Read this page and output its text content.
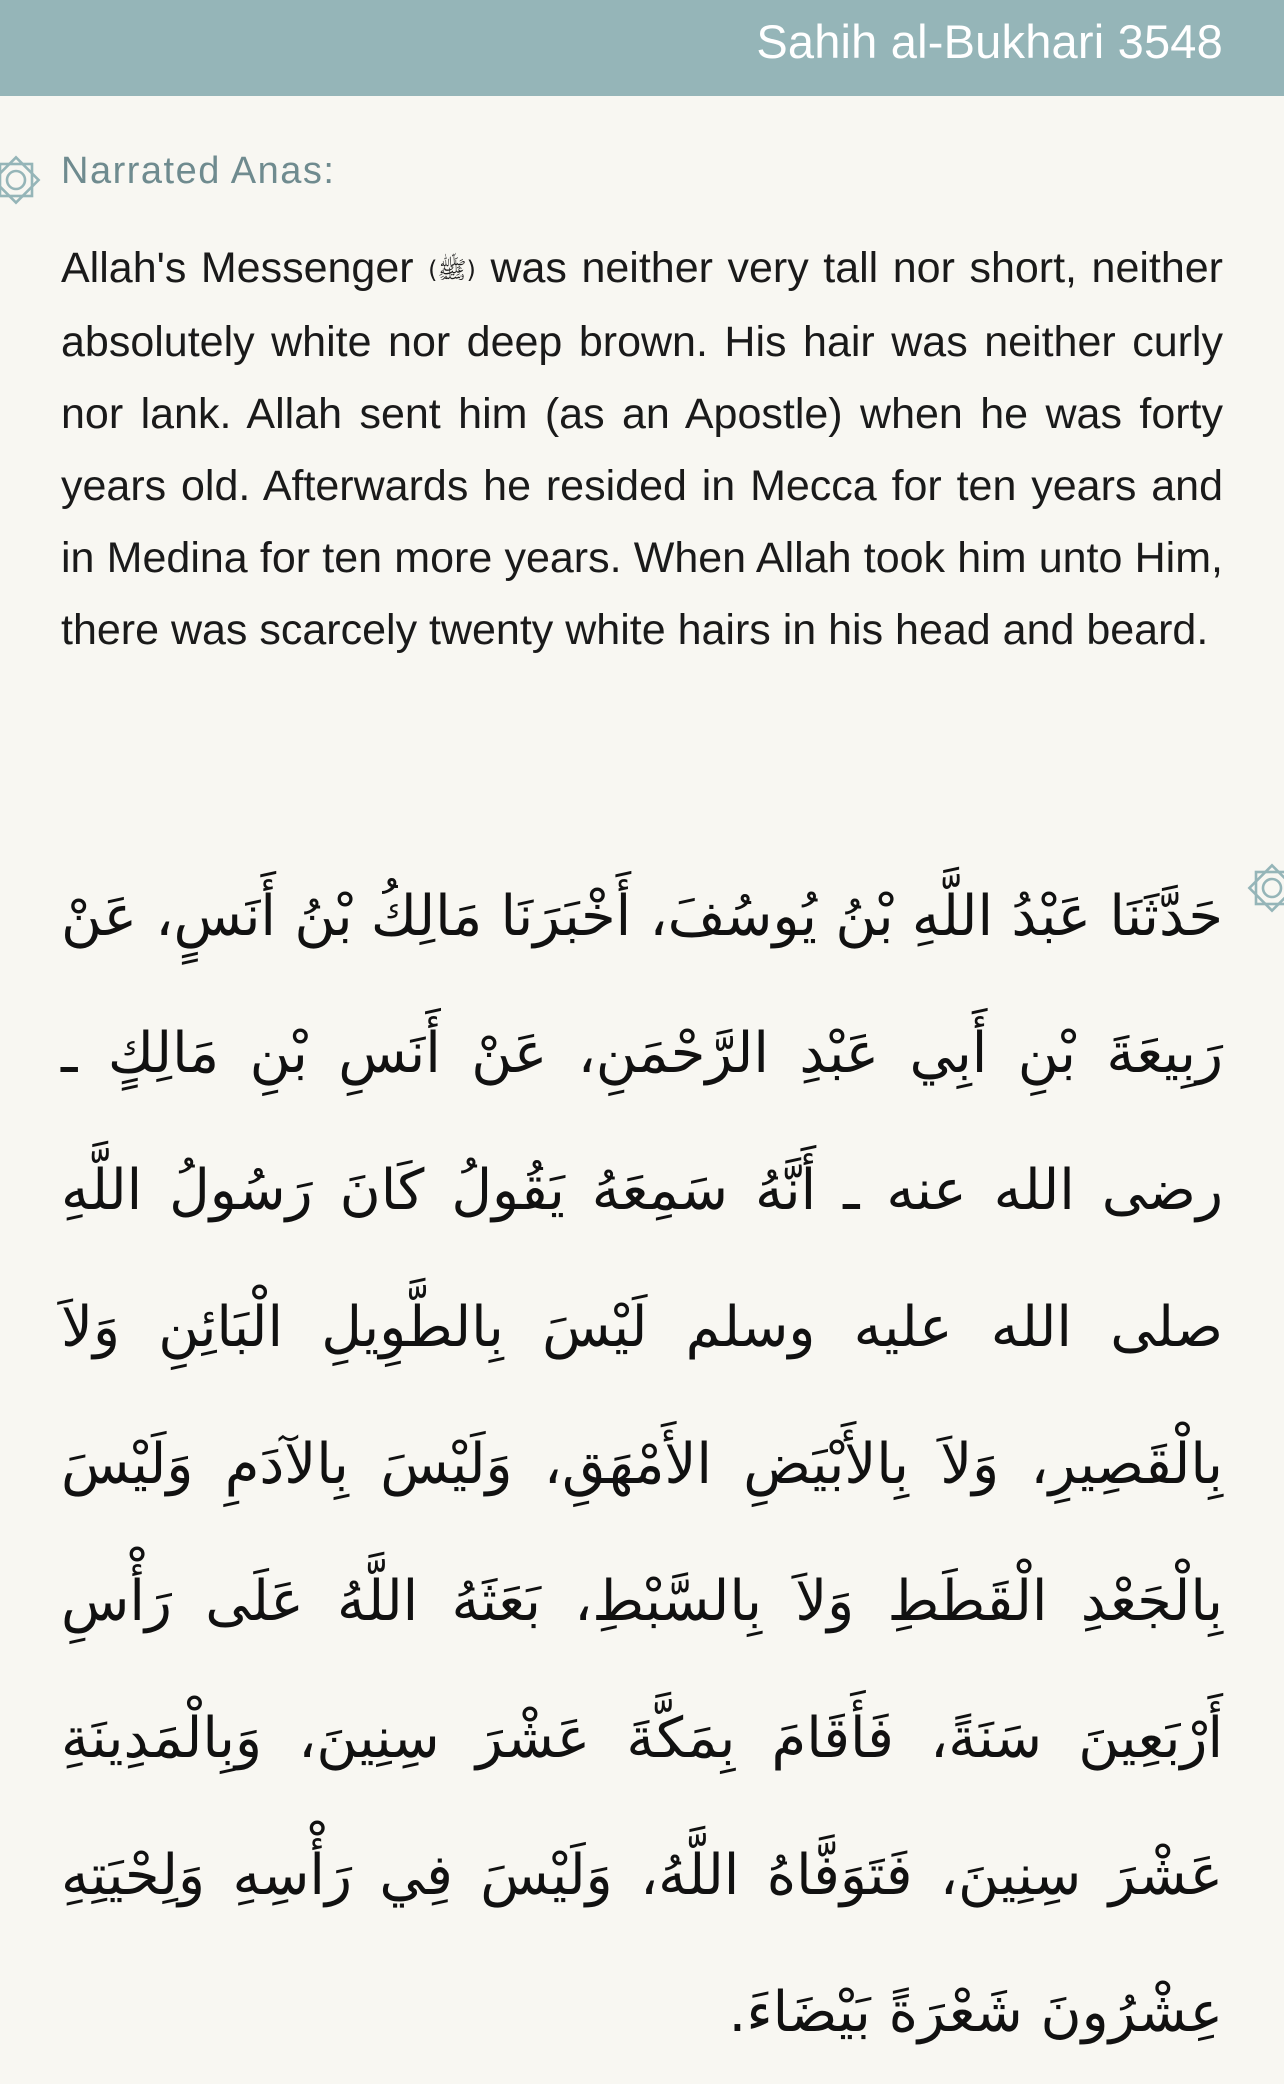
Sahih al-Bukhari 3548
Narrated Anas:
Allah's Messenger (ﷺ) was neither very tall nor short, neither absolutely white nor deep brown. His hair was neither curly nor lank. Allah sent him (as an Apostle) when he was forty years old. Afterwards he resided in Mecca for ten years and in Medina for ten more years. When Allah took him unto Him, there was scarcely twenty white hairs in his head and beard.
حَدَّثَنَا عَبْدُ اللَّهِ بْنُ يُوسُفَ، أَخْبَرَنَا مَالِكُ بْنُ أَنَسٍ، عَنْ رَبِيعَةَ بْنِ أَبِي عَبْدِ الرَّحْمَنِ، عَنْ أَنَسِ بْنِ مَالِكٍ ـ رضى الله عنه ـ أَنَّهُ سَمِعَهُ يَقُولُ كَانَ رَسُولُ اللَّهِ صلى الله عليه وسلم لَيْسَ بِالطَّوِيلِ الْبَائِنِ وَلاَ بِالْقَصِيرِ، وَلاَ بِالأَبْيَضِ الأَمْهَقِ، وَلَيْسَ بِالآدَمِ وَلَيْسَ بِالْجَعْدِ الْقَطَطِ وَلاَ بِالسَّبْطِ، بَعَثَهُ اللَّهُ عَلَى رَأْسِ أَرْبَعِينَ سَنَةً، فَأَقَامَ بِمَكَّةَ عَشْرَ سِنِينَ، وَبِالْمَدِينَةِ عَشْرَ سِنِينَ، فَتَوَفَّاهُ اللَّهُ، وَلَيْسَ فِي رَأْسِهِ وَلِحْيَتِهِ عِشْرُونَ شَعْرَةً بَيْضَاءَ.
